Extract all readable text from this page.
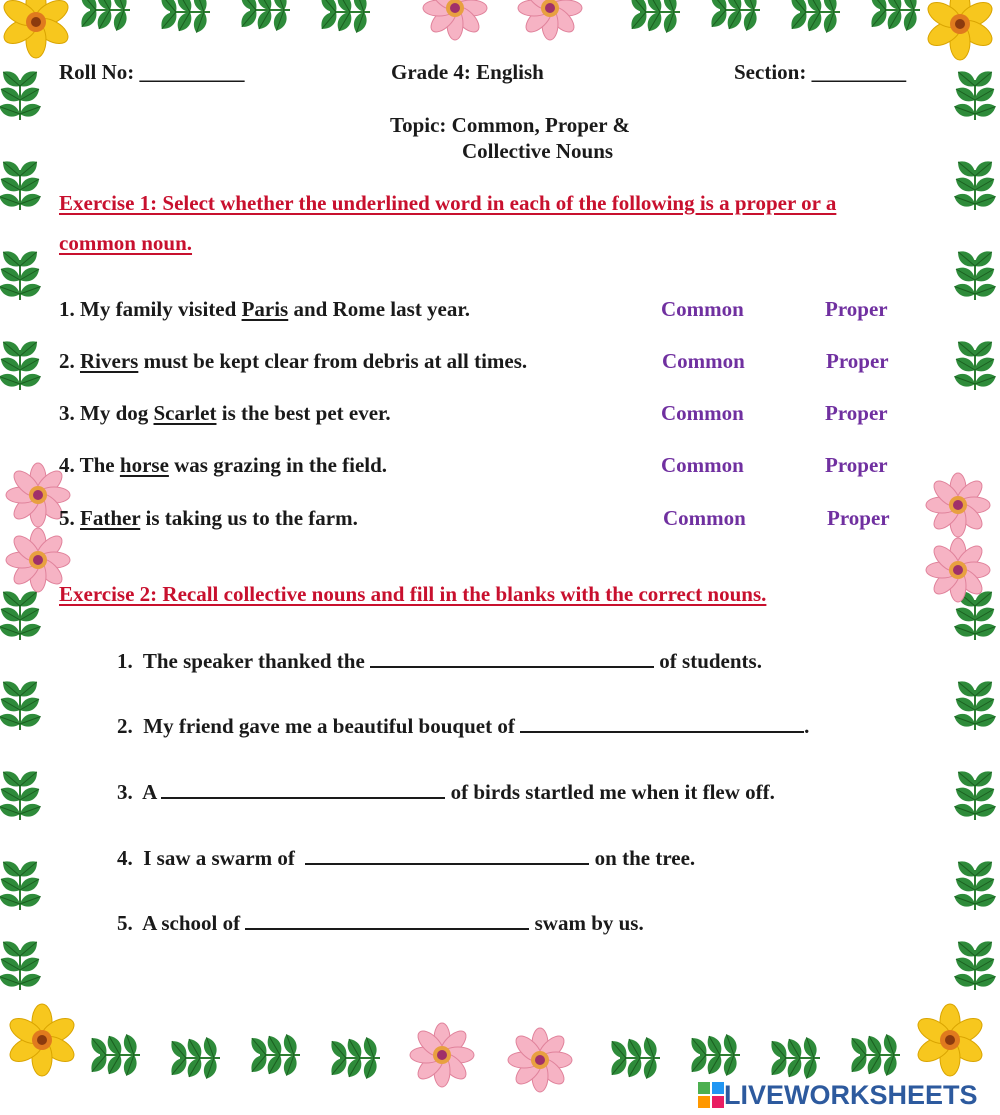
Roll No: __________	Grade 4: English	Section: _________
Topic: Common, Proper &
Collective Nouns
Exercise 1: Select whether the underlined word in each of the following is a proper or a
common noun.
1. My family visited Paris and Rome last year.	Common	Proper
2. Rivers must be kept clear from debris at all times.	Common	Proper
3. My dog Scarlet is the best pet ever.	Common	Proper
4. The horse was grazing in the field.	Common	Proper
5. Father is taking us to the farm.	Common	Proper
Exercise 2: Recall collective nouns and fill in the blanks with the correct nouns.
1. The speaker thanked the	of students.
2. My friend gave me a beautiful bouquet of	.
3. A	of birds startled me when it flew off.
4. I saw a swarm of	on the tree.
5. A school of	swam by us.
LIVEWORKSHEETS
